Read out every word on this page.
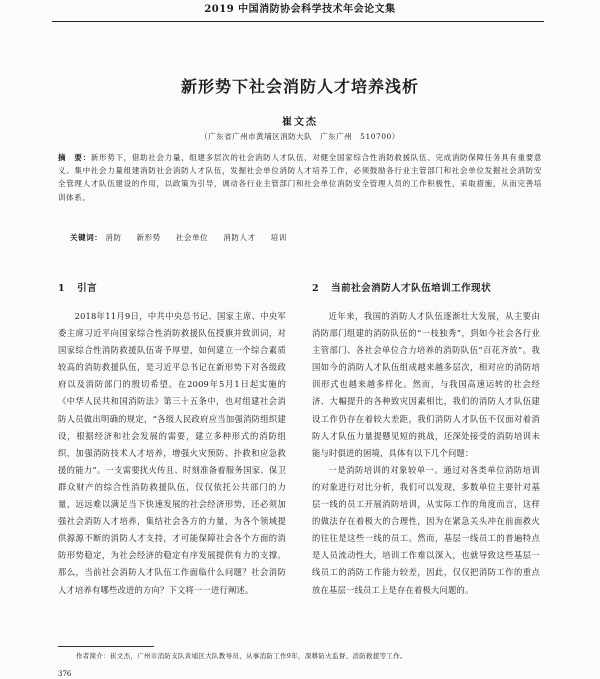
2019 中国消防协会科学技术年会论文集
新形势下社会消防人才培养浅析
崔文杰
（广东省广州市黄埔区消防大队　广东广州　510700）
摘　要：新形势下，借助社会力量，组建多层次的社会消防人才队伍，对健全国家综合性消防救援队伍、完成消防保障任务具有重要意义。集中社会力量组建消防社会消防人才队伍，发掘社会单位消防人才培养工作，必须鼓励各行业主管部门和社会单位发掘社会消防安全管理人才队伍建设的作用，以政策为引导，调动各行业主管部门和社会单位消防安全管理人员的工作积极性，采取措施，从而完善培训体系。
关键词： 消防 新形势 社会单位 消防人才 培训
1 引言

2018年11月9日，中共中央总书记、国家主席、中央军委主席习近平向国家综合性消防救援队伍授旗并致训词，对国家综合性消防救援队伍寄予厚望，如何建立一个综合素质较高的消防救援队伍，是习近平总书记在新形势下对各级政府以及消防部门的殷切希望。在2009年5月1日起实施的《中华人民共和国消防法》第三十五条中，也对组建社会消防人员做出明确的规定，“各级人民政府应当加强消防组织建设，根据经济和社会发展的需要，建立多种形式的消防组织，加强消防技术人才培养，增强火灾预防、扑救和应急救援的能力”。一支需要扰火传且、时刻准备着服务国家、保卫群众财产的综合性消防救援队伍，仅仅依托公共部门的力量，远远难以满足当下快速发展的社会经济形势，还必须加强社会消防人才培养，集结社会各方的力量，为各个领域提供源源不断的消防人才支持，才可能保障社会各个方面的消防形势稳定，为社会经济的稳定有序发展提供有力的支撑。那么，当前社会消防人才队伍工作面临什么问题？社会消防人才培养有哪些改进的方向？下文将一一进行阐述。

2 当前社会消防人才队伍培训工作现状

近年来，我国的消防人才队伍逐渐壮大发展，从主要由消防部门组建的消防队伍的“一枝独秀”，到如今社会各行业主管部门、各社会单位合力培养的消防队伍“百花齐放”。我国如今的消防人才队伍组成越来越多层次，相对应的消防培训形式也越来越多样化。然而，与我国高速运转的社会经济、大幅提升的各种致灾因素相比，我们的消防人才队伍建设工作仍存在着较大差距，我们消防人才队伍不仅面对着消防人才队伍力量提懸见短的挑战，还深处接受的消防培训未能与时俱进的困境，具体有以下几个问题：

一是消防培训的对象较单一。通过对各类单位消防培训的对象进行对比分析，我们可以发现，多数单位主要针对基层一线的员工开展消防培训，从实际工作的角度而言，这样的做法存在着极大的合理性，因为在紧急关头冲在前面救火的往往是这些一线的员工。然而，基层一线员工的普遍特点是人员流动性大，培训工作难以深入，也就导致这些基层一线员工的消防工作能力较差，因此，仅仅把消防工作的重点放在基层一线员工上是存在着极大问题的。

作者简介：崔文杰，广州市消防支队黄埔区大队教导员，从事消防工作9年，深耕防火监督、消防救援等工作。
376
